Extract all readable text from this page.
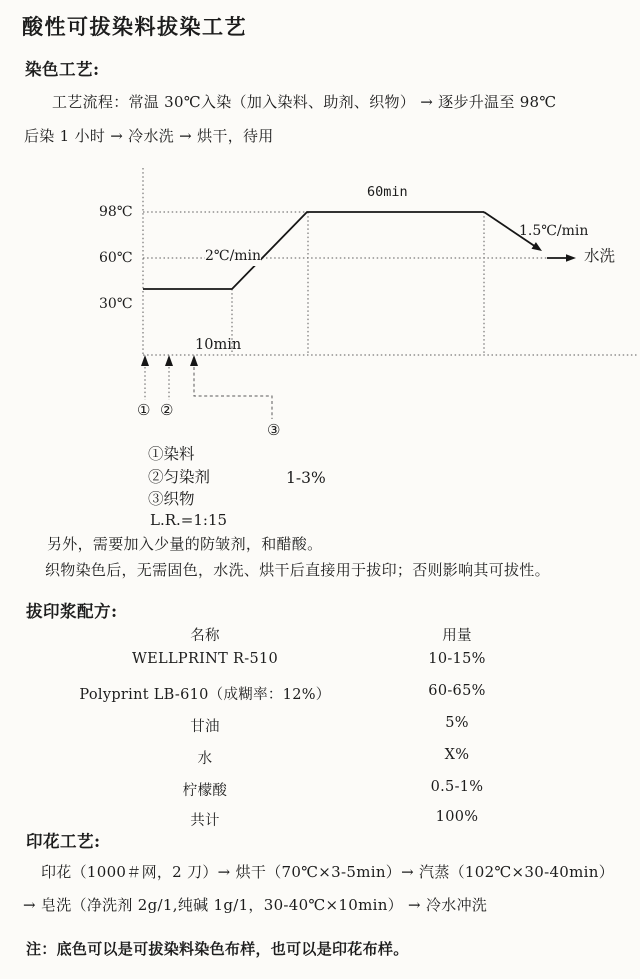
酸性可拔染料拔染工艺
染色工艺:
工艺流程：常温 30℃入染（加入染料、助剂、织物） → 逐步升温至 98℃
后染 1 小时 → 冷水洗 → 烘干，待用
98℃
60℃
30℃
2℃/min
60min
1.5℃/min
水洗
10min
① ②
③
①染料
②匀染剂	1-3%
③织物
L.R.=1:15
另外，需要加入少量的防皱剂，和醋酸。
织物染色后，无需固色，水洗、烘干后直接用于拔印；否则影响其可拔性。
拔印浆配方:
名称	用量
WELLPRINT R-510	10-15%
Polyprint LB-610（成糊率：12%）	60-65%
甘油	5%
水	X%
柠檬酸	0.5-1%
共计	100%
印花工艺:
印花（1000＃网，2 刀）→ 烘干（70℃×3-5min）→ 汽蒸（102℃×30-40min）
→ 皂洗（净洗剂 2g/1,纯碱 1g/1，30-40℃×10min） → 冷水冲洗
注：底色可以是可拔染料染色布样，也可以是印花布样。
